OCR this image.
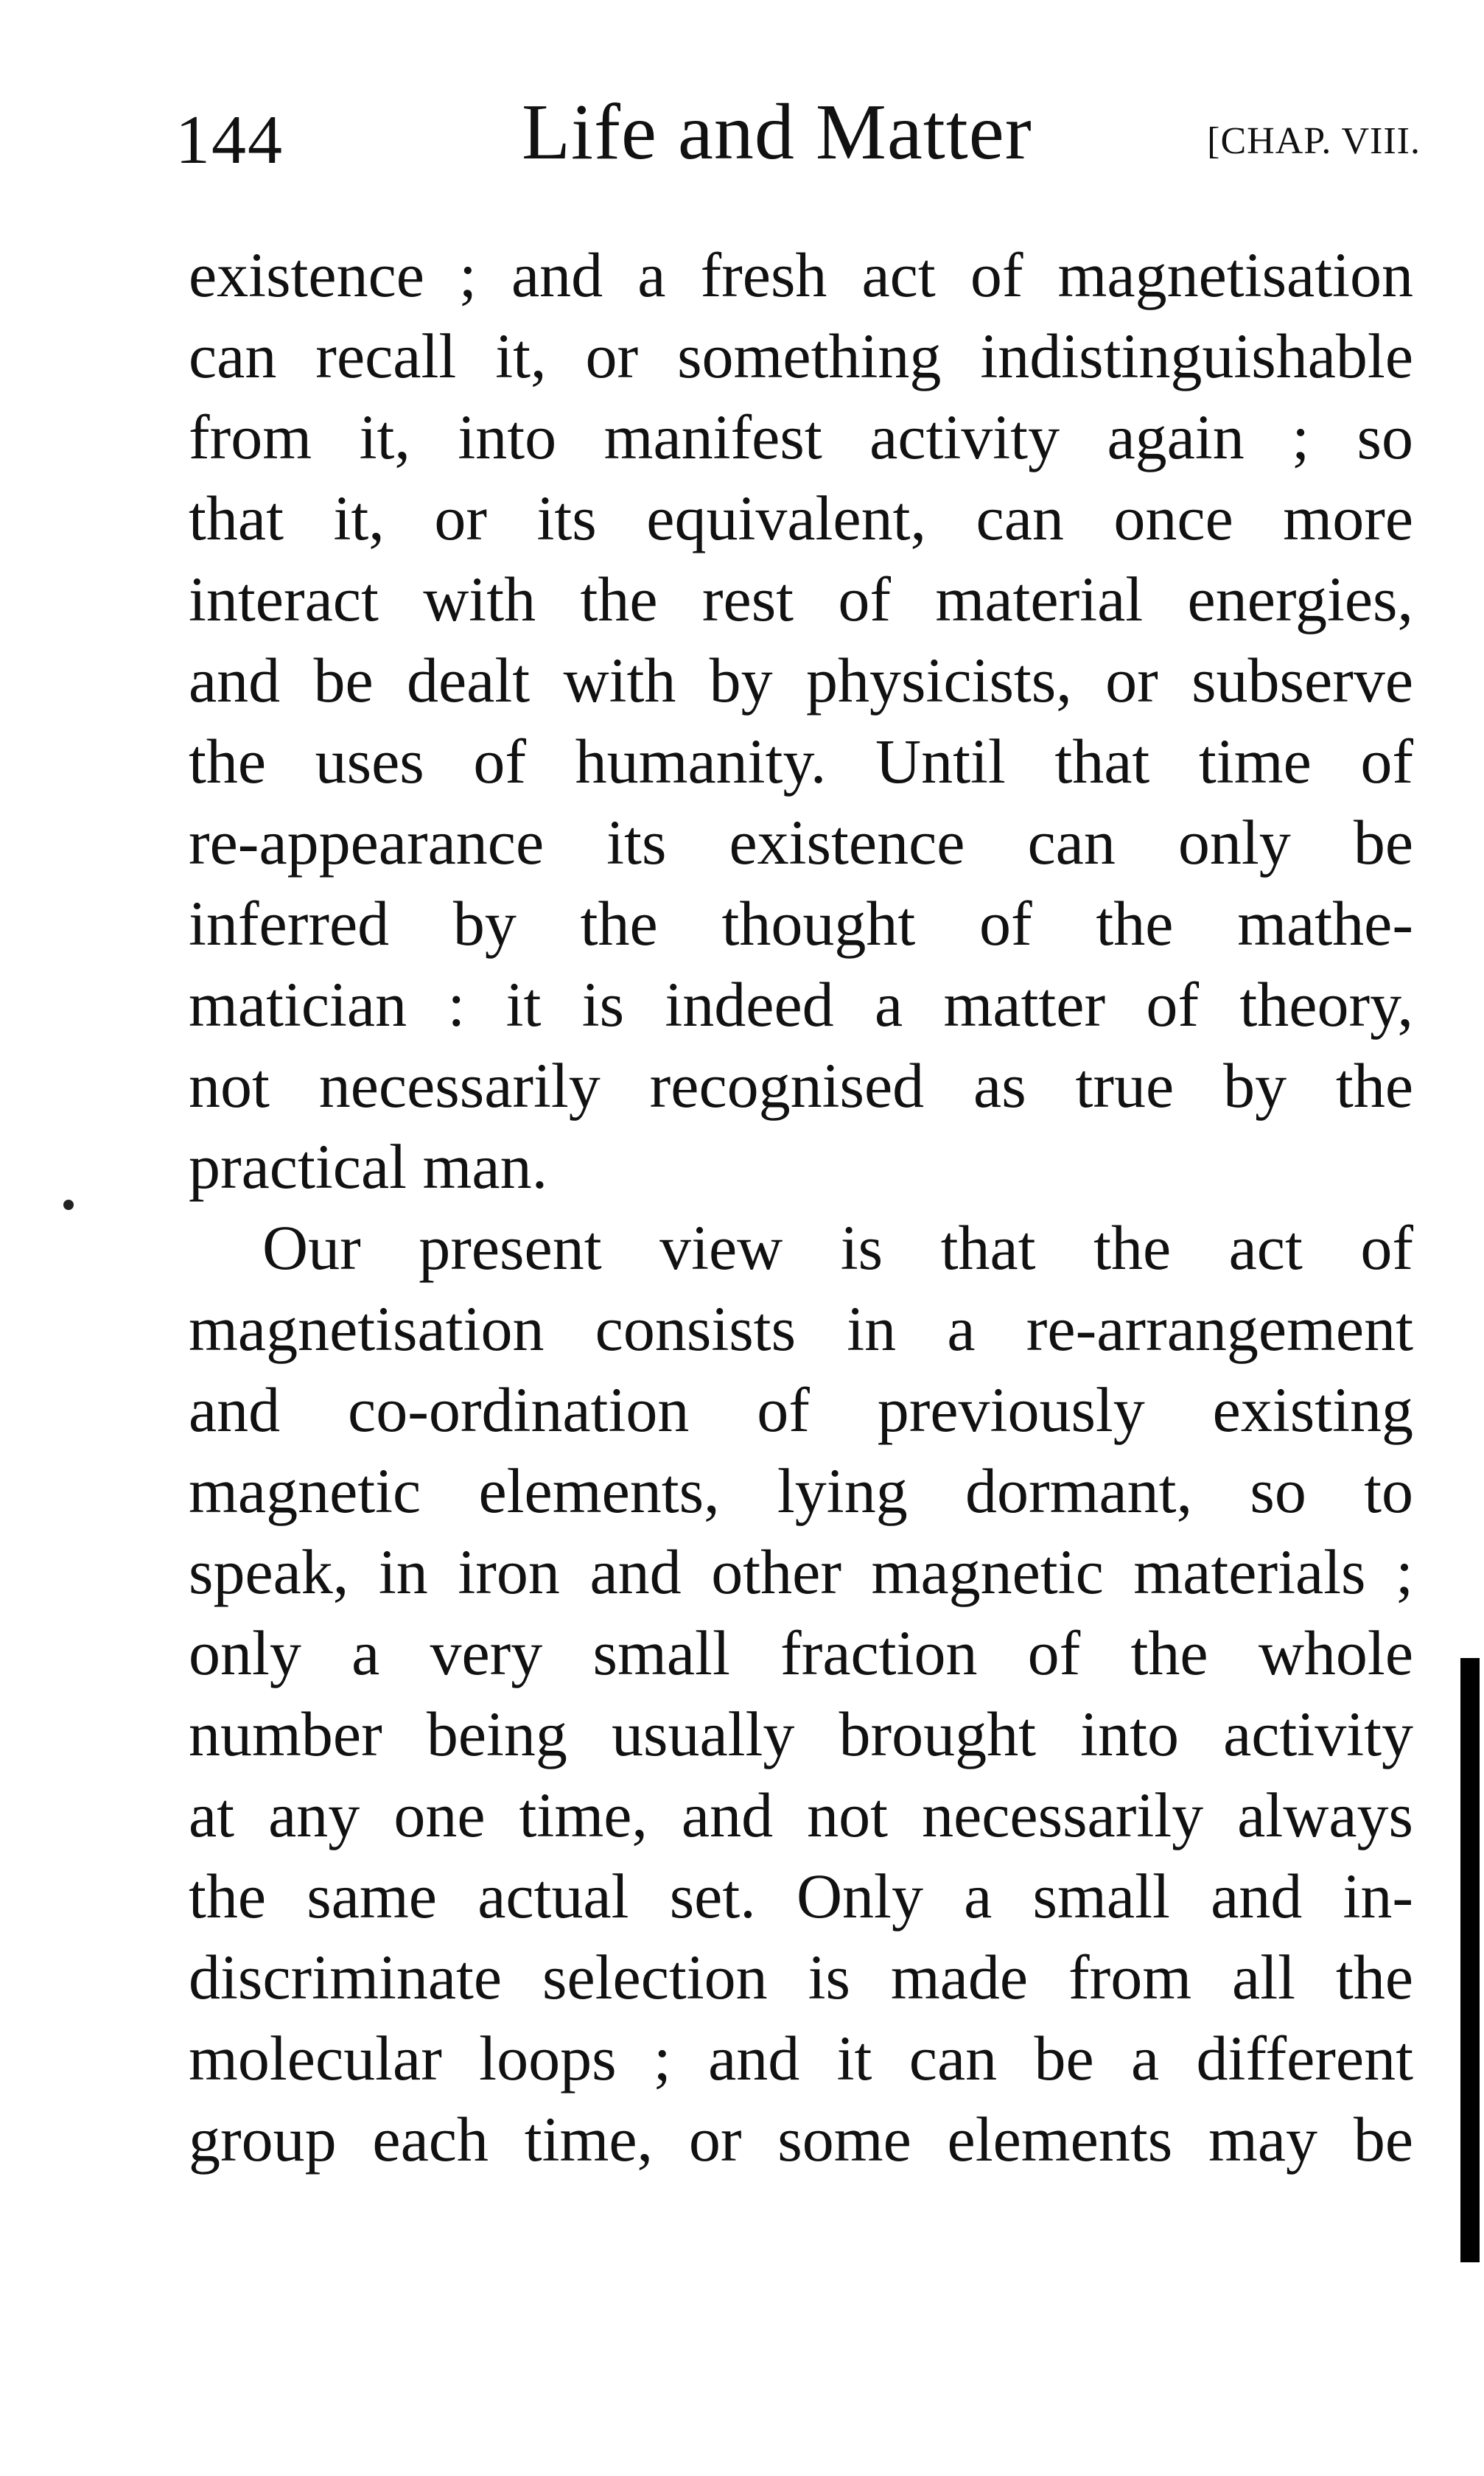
144	Life and Matter	[CHAP. VIII.
existence ; and a fresh act of magnetisation
can recall it, or something indistinguishable
from it, into manifest activity again ; so
that it, or its equivalent, can once more
interact with the rest of material energies,
and be dealt with by physicists, or subserve
the uses of humanity. Until that time of
re-appearance its existence can only be
inferred by the thought of the mathe-
matician : it is indeed a matter of theory,
not necessarily recognised as true by the
practical man.
Our present view is that the act of
magnetisation consists in a re-arrangement
and co-ordination of previously existing
magnetic elements, lying dormant, so to
speak, in iron and other magnetic materials ;
only a very small fraction of the whole
number being usually brought into activity
at any one time, and not necessarily always
the same actual set. Only a small and in-
discriminate selection is made from all the
molecular loops ; and it can be a different
group each time, or some elements may be
